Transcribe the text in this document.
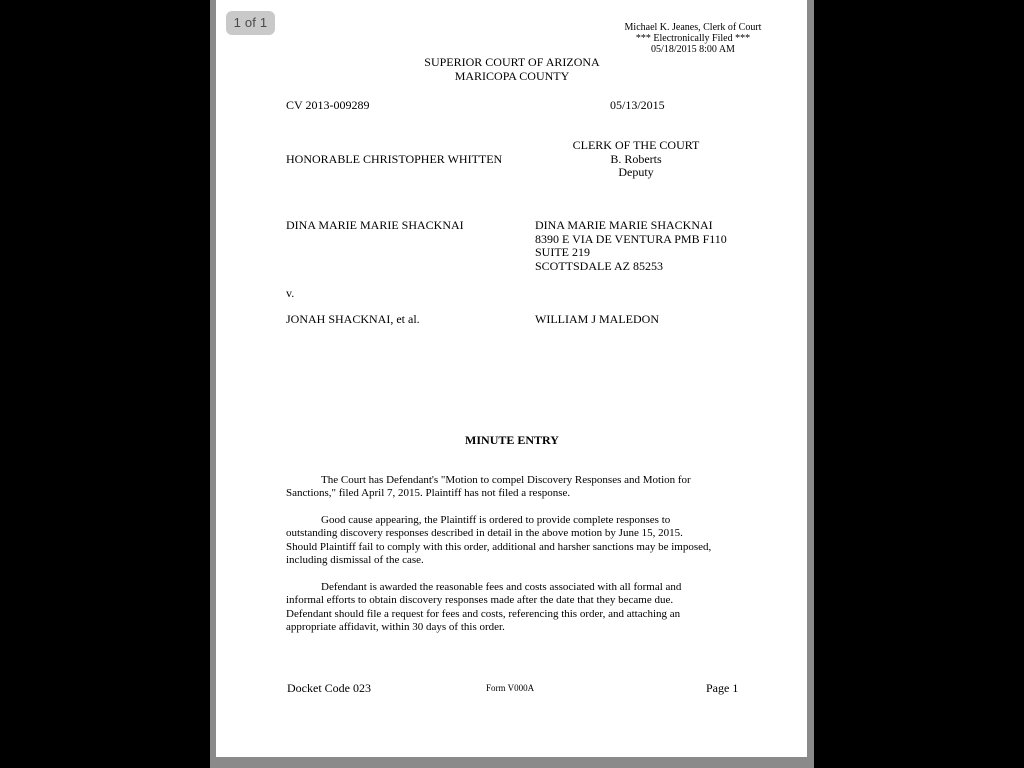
1 of 1	Michael K. Jeanes, Clerk of Court
*** Electronically Filed ***
05/18/2015 8:00 AM
SUPERIOR COURT OF ARIZONA
MARICOPA COUNTY
CV 2013-009289	05/13/2015
HONORABLE CHRISTOPHER WHITTEN
CLERK OF THE COURT
B. Roberts
Deputy
DINA MARIE MARIE SHACKNAI	DINA MARIE MARIE SHACKNAI
8390 E VIA DE VENTURA PMB F110
SUITE 219
SCOTTSDALE AZ 85253
v.
JONAH SHACKNAI, et al.	WILLIAM J MALEDON
MINUTE ENTRY
The Court has Defendant's "Motion to compel Discovery Responses and Motion for
Sanctions," filed April 7, 2015. Plaintiff has not filed a response.
Good cause appearing, the Plaintiff is ordered to provide complete responses to
outstanding discovery responses described in detail in the above motion by June 15, 2015.
Should Plaintiff fail to comply with this order, additional and harsher sanctions may be imposed,
including dismissal of the case.
Defendant is awarded the reasonable fees and costs associated with all formal and
informal efforts to obtain discovery responses made after the date that they became due.
Defendant should file a request for fees and costs, referencing this order, and attaching an
appropriate affidavit, within 30 days of this order.
Docket Code 023	Form V000A	Page 1
